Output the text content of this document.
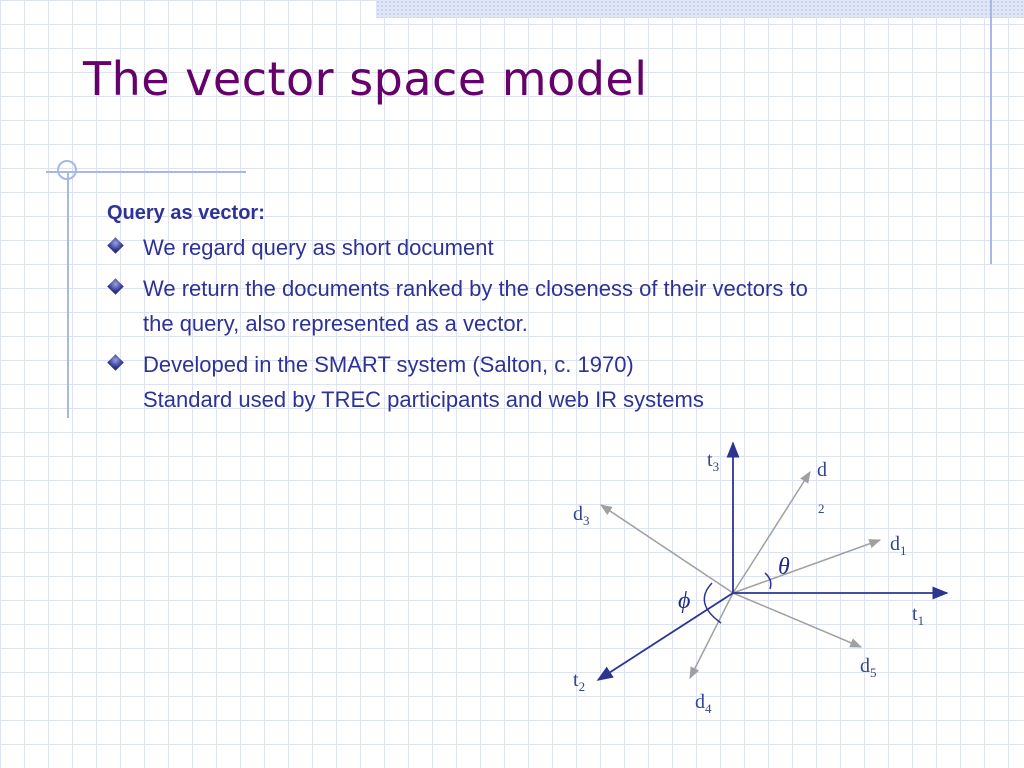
The vector space model
Query as vector:
We regard query as short document
We return the documents ranked by the closeness of their vectors to
the query, also represented as a vector.
Developed in the SMART system (Salton, c. 1970)
Standard used by TREC participants and web IR systems
$t_3$
$t_1$
$t_2$
d
2
$d_3$
$d_1$
$d_5$
$d_4$
θ
ϕ
